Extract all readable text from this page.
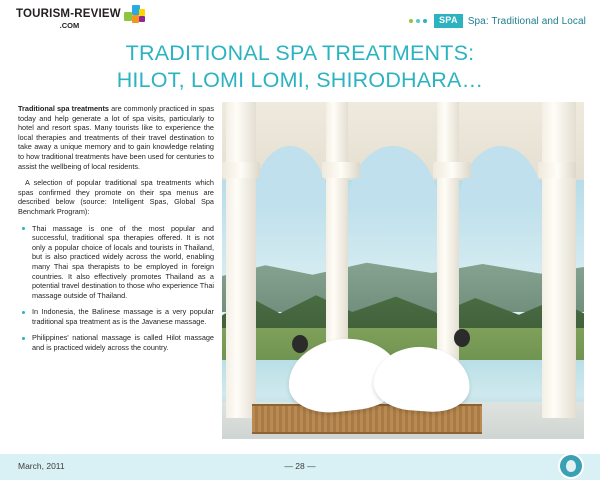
TOURISM-REVIEW
.COM
SPA	Spa: Traditional and Local
TRADITIONAL SPA TREATMENTS:
HILOT, LOMI LOMI, SHIRODHARA…

Traditional spa treatments are commonly practiced in spas today and help generate a lot of spa visits, particularly to hotel and resort spas. Many tourists like to experience the local therapies and treatments of their travel destination to take away a unique memory and to gain knowledge relating to how traditional treatments have been used for centuries to assist the wellbeing of local residents.

A selection of popular traditional spa treatments which spas confirmed they promote on their spa menus are described below (source: Intelligent Spas, Global Spa Benchmark Program):

Thai massage is one of the most popular and successful, traditional spa therapies offered. It is not only a popular choice of locals and tourists in Thailand, but is also practiced widely across the world, enabling many Thai spa therapists to be employed in foreign countries. It also effectively promotes Thailand as a potential travel destination to those who experience Thai massage outside of Thailand.
In Indonesia, the Balinese massage is a very popular traditional spa treatment as is the Javanese massage.
Philippines' national massage is called Hilot massage and is practiced widely across the country.
March, 2011	— 28 —
